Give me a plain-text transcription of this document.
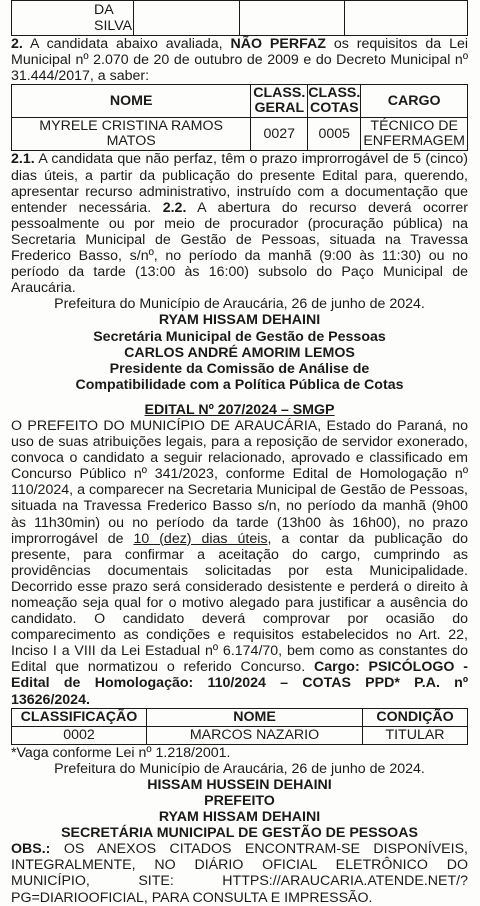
DA SILVA			

2. A candidata abaixo avaliada, NÃO PERFAZ os requisitos da Lei Municipal nº 2.070 de 20 de outubro de 2009 e do Decreto Municipal nº 31.444/2017, a saber:

NOME	CLASS. GERAL	CLASS. COTAS	CARGO
MYRELE CRISTINA RAMOS MATOS	0027	0005	TÉCNICO DE ENFERMAGEM

2.1. A candidata que não perfaz, têm o prazo improrrogável de 5 (cinco) dias úteis, a partir da publicação do presente Edital para, querendo, apresentar recurso administrativo, instruído com a documentação que entender necessária. 2.2. A abertura do recurso deverá ocorrer pessoalmente ou por meio de procurador (procuração pública) na Secretaria Municipal de Gestão de Pessoas, situada na Travessa Frederico Basso, s/nº, no período da manhã (9:00 às 11:30) ou no período da tarde (13:00 às 16:00) subsolo do Paço Municipal de Araucária.

Prefeitura do Município de Araucária, 26 de junho de 2024.

RYAM HISSAM DEHAINI

Secretária Municipal de Gestão de Pessoas

CARLOS ANDRÉ AMORIM LEMOS

Presidente da Comissão de Análise de

Compatibilidade com a Política Pública de Cotas

EDITAL Nº 207/2024 – SMGP

O PREFEITO DO MUNICÍPIO DE ARAUCÁRIA, Estado do Paraná, no uso de suas atribuições legais, para a reposição de servidor exonerado, convoca o candidato a seguir relacionado, aprovado e classificado em Concurso Público nº 341/2023, conforme Edital de Homologação nº 110/2024, a comparecer na Secretaria Municipal de Gestão de Pessoas, situada na Travessa Frederico Basso s/n, no período da manhã (9h00 às 11h30min) ou no período da tarde (13h00 às 16h00), no prazo improrrogável de 10 (dez) dias úteis, a contar da publicação do presente, para confirmar a aceitação do cargo, cumprindo as providências documentais solicitadas por esta Municipalidade. Decorrido esse prazo será considerado desistente e perderá o direito à nomeação seja qual for o motivo alegado para justificar a ausência do candidato. O candidato deverá comprovar por ocasião do comparecimento as condições e requisitos estabelecidos no Art. 22, Inciso I a VIII da Lei Estadual nº 6.174/70, bem como as constantes do Edital que normatizou o referido Concurso. Cargo: PSICÓLOGO - Edital de Homologação: 110/2024 – COTAS PPD* P.A. nº 13626/2024.

CLASSIFICAÇÃO	NOME	CONDIÇÃO
0002	MARCOS NAZARIO	TITULAR

*Vaga conforme Lei nº 1.218/2001.

Prefeitura do Município de Araucária, 26 de junho de 2024.

HISSAM HUSSEIN DEHAINI

PREFEITO

RYAM HISSAM DEHAINI

SECRETÁRIA MUNICIPAL DE GESTÃO DE PESSOAS

OBS.: OS ANEXOS CITADOS ENCONTRAM-SE DISPONÍVEIS, INTEGRALMENTE, NO DIÁRIO OFICIAL ELETRÔNICO DO MUNICÍPIO, SITE: HTTPS://ARAUCARIA.ATENDE.NET/?PG=DIARIOOFICIAL, PARA CONSULTA E IMPRESSÃO.
